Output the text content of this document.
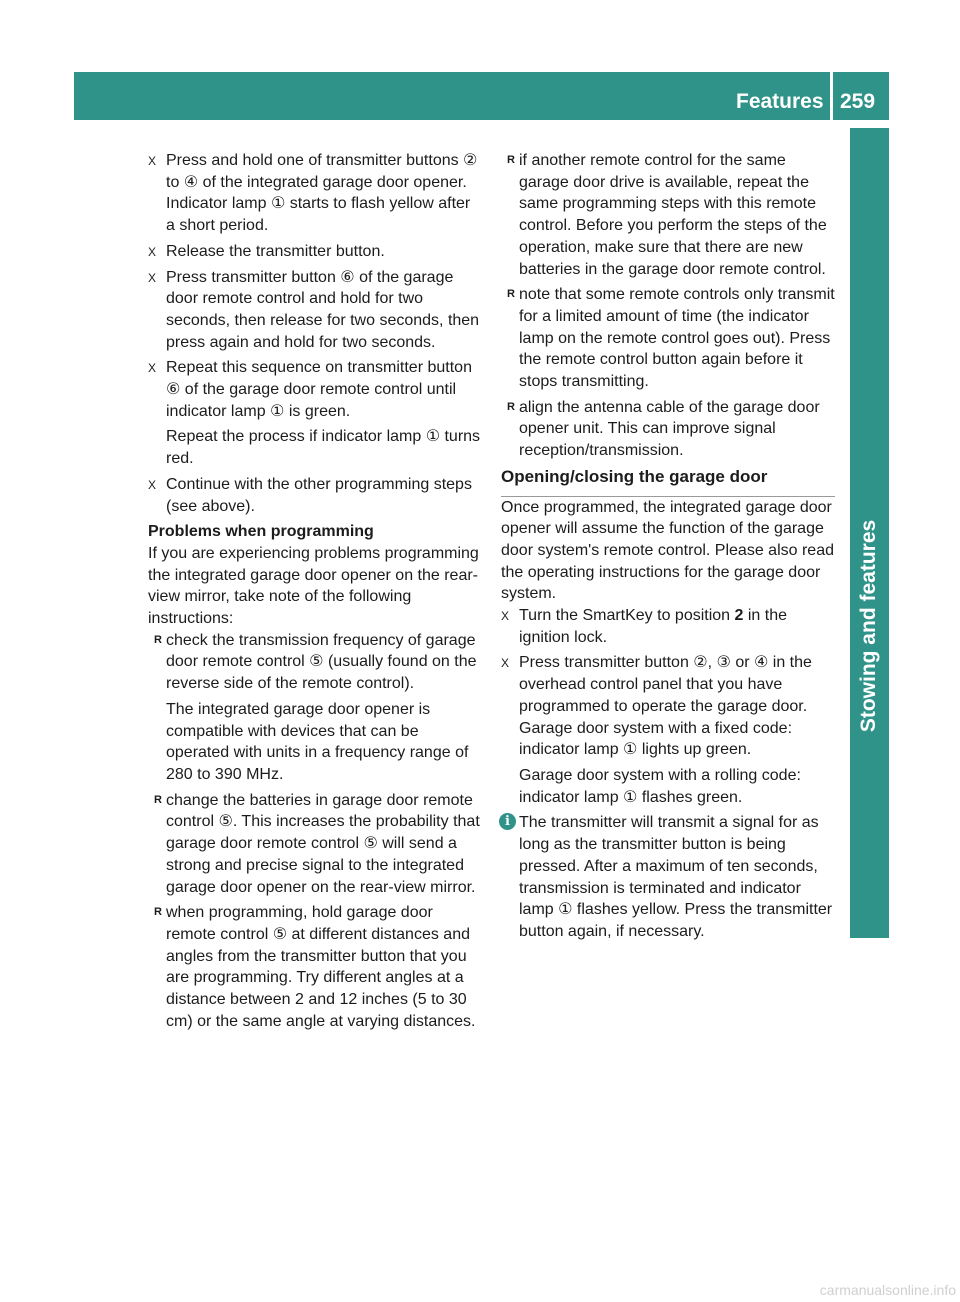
Features 259
Stowing and features
X Press and hold one of transmitter buttons ② to ④ of the integrated garage door opener.

Indicator lamp ① starts to flash yellow after a short period.

X Release the transmitter button.

X Press transmitter button ⑥ of the garage door remote control and hold for two seconds, then release for two seconds, then press again and hold for two seconds.

X Repeat this sequence on transmitter button ⑥ of the garage door remote control until indicator lamp ① is green.

Repeat the process if indicator lamp ① turns red.

X Continue with the other programming steps (see above).

Problems when programming

If you are experiencing problems programming the integrated garage door opener on the rear-view mirror, take note of the following instructions:

R check the transmission frequency of garage door remote control ⑤ (usually found on the reverse side of the remote control).

The integrated garage door opener is compatible with devices that can be operated with units in a frequency range of 280 to 390 MHz.

R change the batteries in garage door remote control ⑤. This increases the probability that garage door remote control ⑤ will send a strong and precise signal to the integrated garage door opener on the rear-view mirror.

R when programming, hold garage door remote control ⑤ at different distances and angles from the transmitter button that you are programming. Try different angles at a distance between 2 and 12 inches (5 to 30 cm) or the same angle at varying distances.

R if another remote control for the same garage door drive is available, repeat the same programming steps with this remote control. Before you perform the steps of the operation, make sure that there are new batteries in the garage door remote control.

R note that some remote controls only transmit for a limited amount of time (the indicator lamp on the remote control goes out). Press the remote control button again before it stops transmitting.

R align the antenna cable of the garage door opener unit. This can improve signal reception/transmission.

Opening/closing the garage door

Once programmed, the integrated garage door opener will assume the function of the garage door system's remote control. Please also read the operating instructions for the garage door system.

X Turn the SmartKey to position 2 in the ignition lock.

X Press transmitter button ②, ③ or ④ in the overhead control panel that you have programmed to operate the garage door. Garage door system with a fixed code: indicator lamp ① lights up green.

Garage door system with a rolling code: indicator lamp ① flashes green.

i The transmitter will transmit a signal for as long as the transmitter button is being pressed. After a maximum of ten seconds, transmission is terminated and indicator lamp ① flashes yellow. Press the transmitter button again, if necessary.

carmanualsonline.info
